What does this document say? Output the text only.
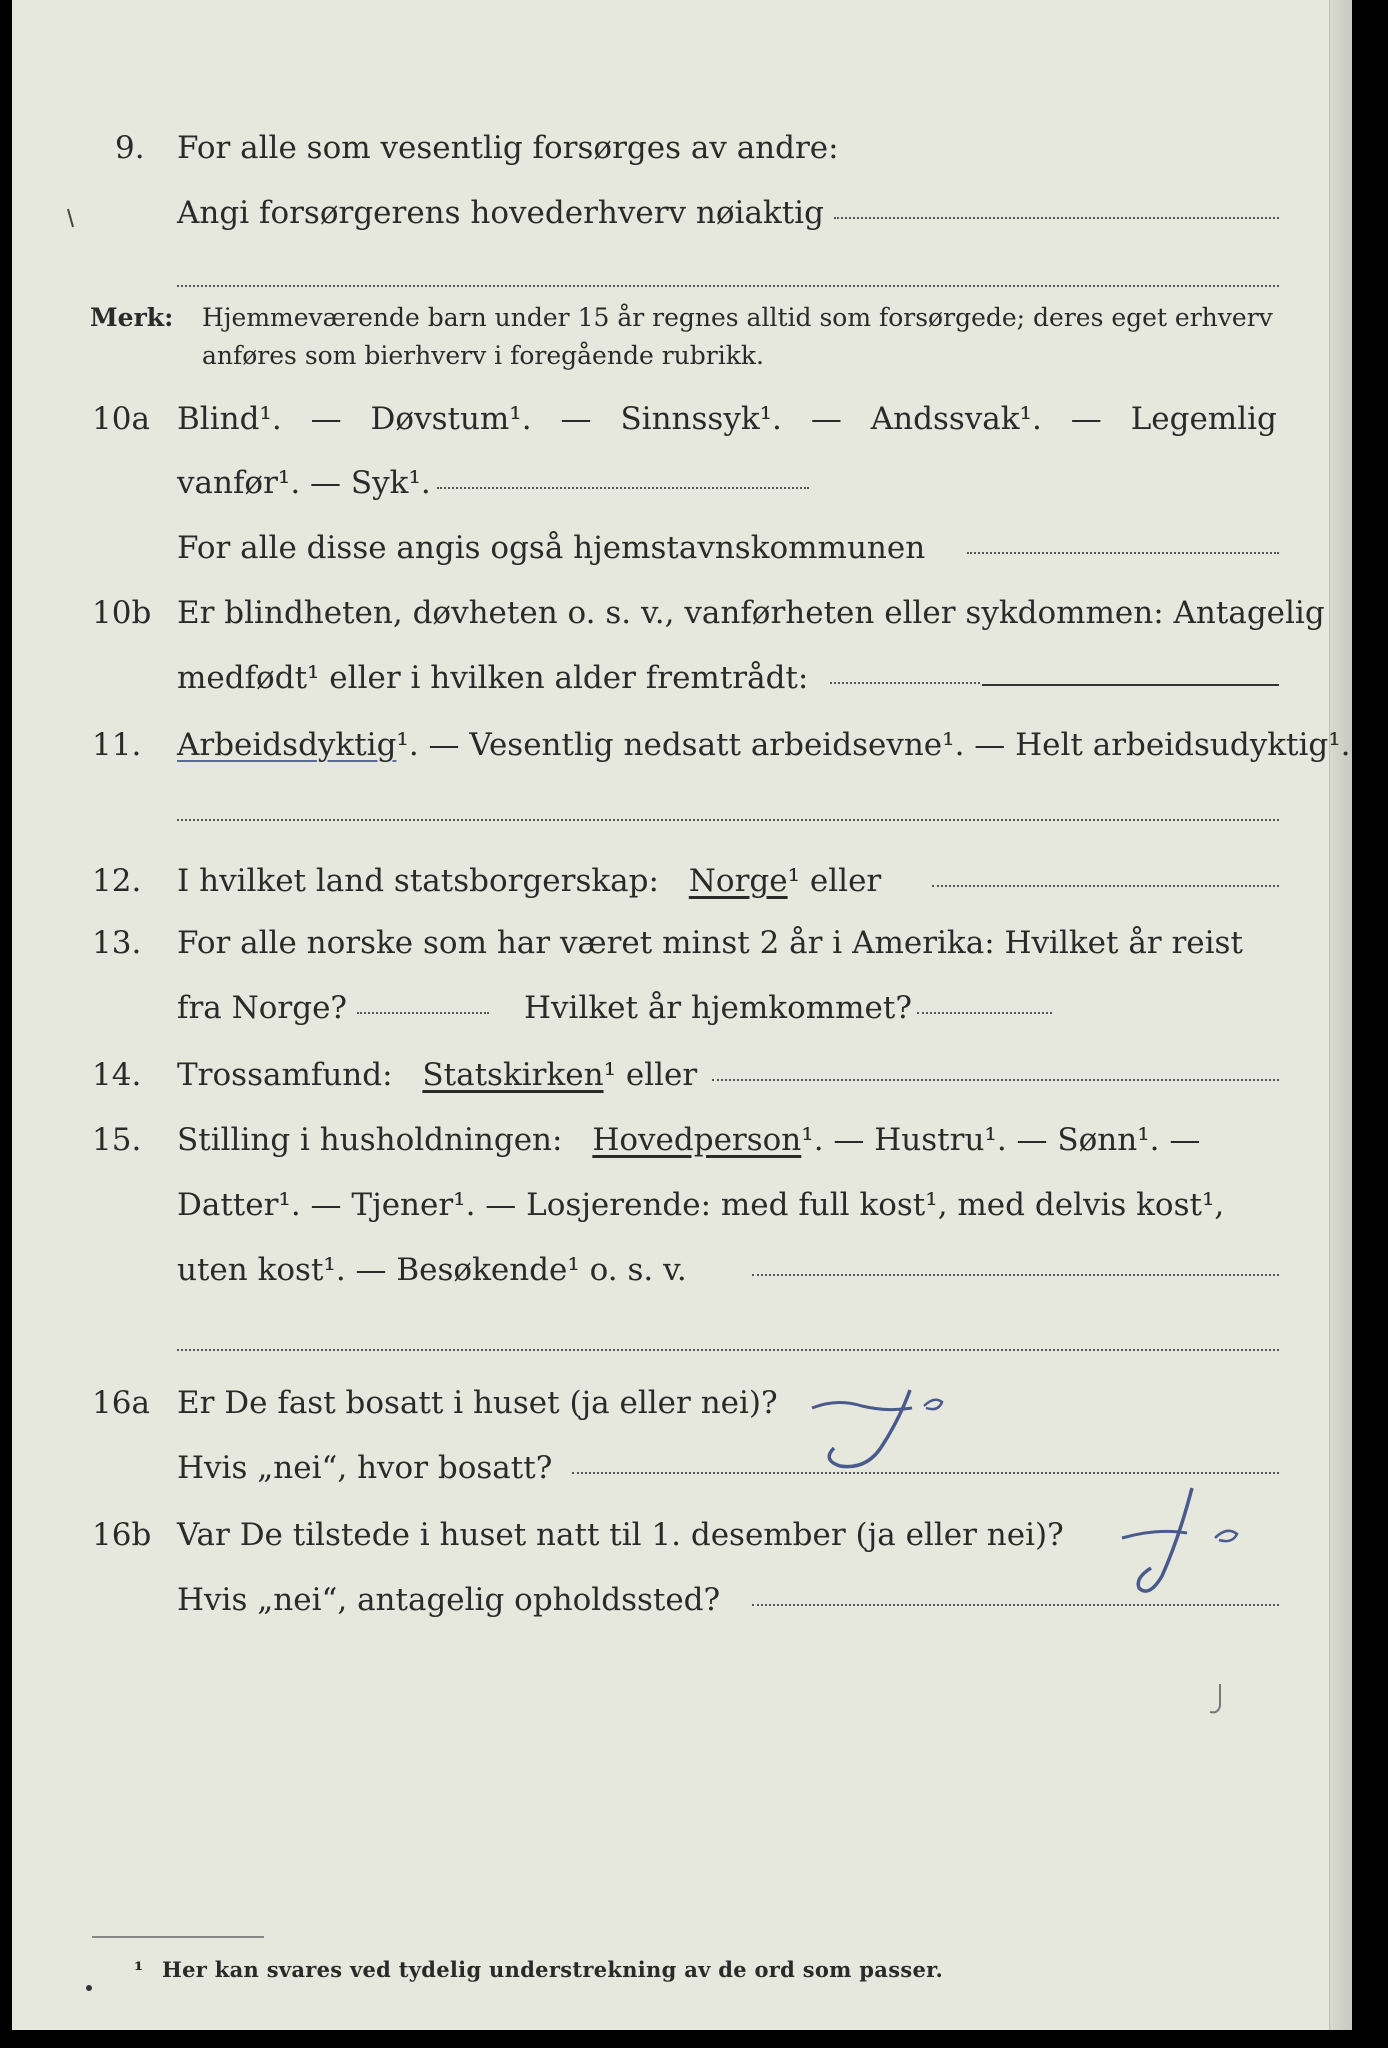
9.	For alle som vesentlig forsørges av andre:
Angi forsørgerens hovederhverv nøiaktig
Merk:	Hjemmeværende barn under 15 år regnes alltid som forsørgede; deres eget erhverv
anføres som bierhverv i foregående rubrikk.
10a Blind¹. — Døvstum¹. — Sinnssyk¹. — Andssvak¹. — Legemlig
vanfør¹. — Syk¹.
For alle disse angis også hjemstavnskommunen
10b Er blindheten, døvheten o. s. v., vanførheten eller sykdommen: Antagelig
medfødt¹ eller i hvilken alder fremtrådt:
11.	Arbeidsdyktig¹. — Vesentlig nedsatt arbeidsevne¹. — Helt arbeidsudyktig¹.
12.	I hvilket land statsborgerskap: Norge¹ eller
13.	For alle norske som har været minst 2 år i Amerika: Hvilket år reist
fra Norge?	Hvilket år hjemkommet?
14.	Trossamfund: Statskirken¹ eller
15.	Stilling i husholdningen: Hovedperson¹. — Hustru¹. — Sønn¹. —
Datter¹. — Tjener¹. — Losjerende: med full kost¹, med delvis kost¹,
uten kost¹. — Besøkende¹ o. s. v.
16a Er De fast bosatt i huset (ja eller nei)?
Hvis „nei“, hvor bosatt?
Ja
16b Var De tilstede i huset natt til 1. desember (ja eller nei)?
Hvis „nei“, antagelig opholdssted?
Ja
¹ Her kan svares ved tydelig understrekning av de ord som passer.
